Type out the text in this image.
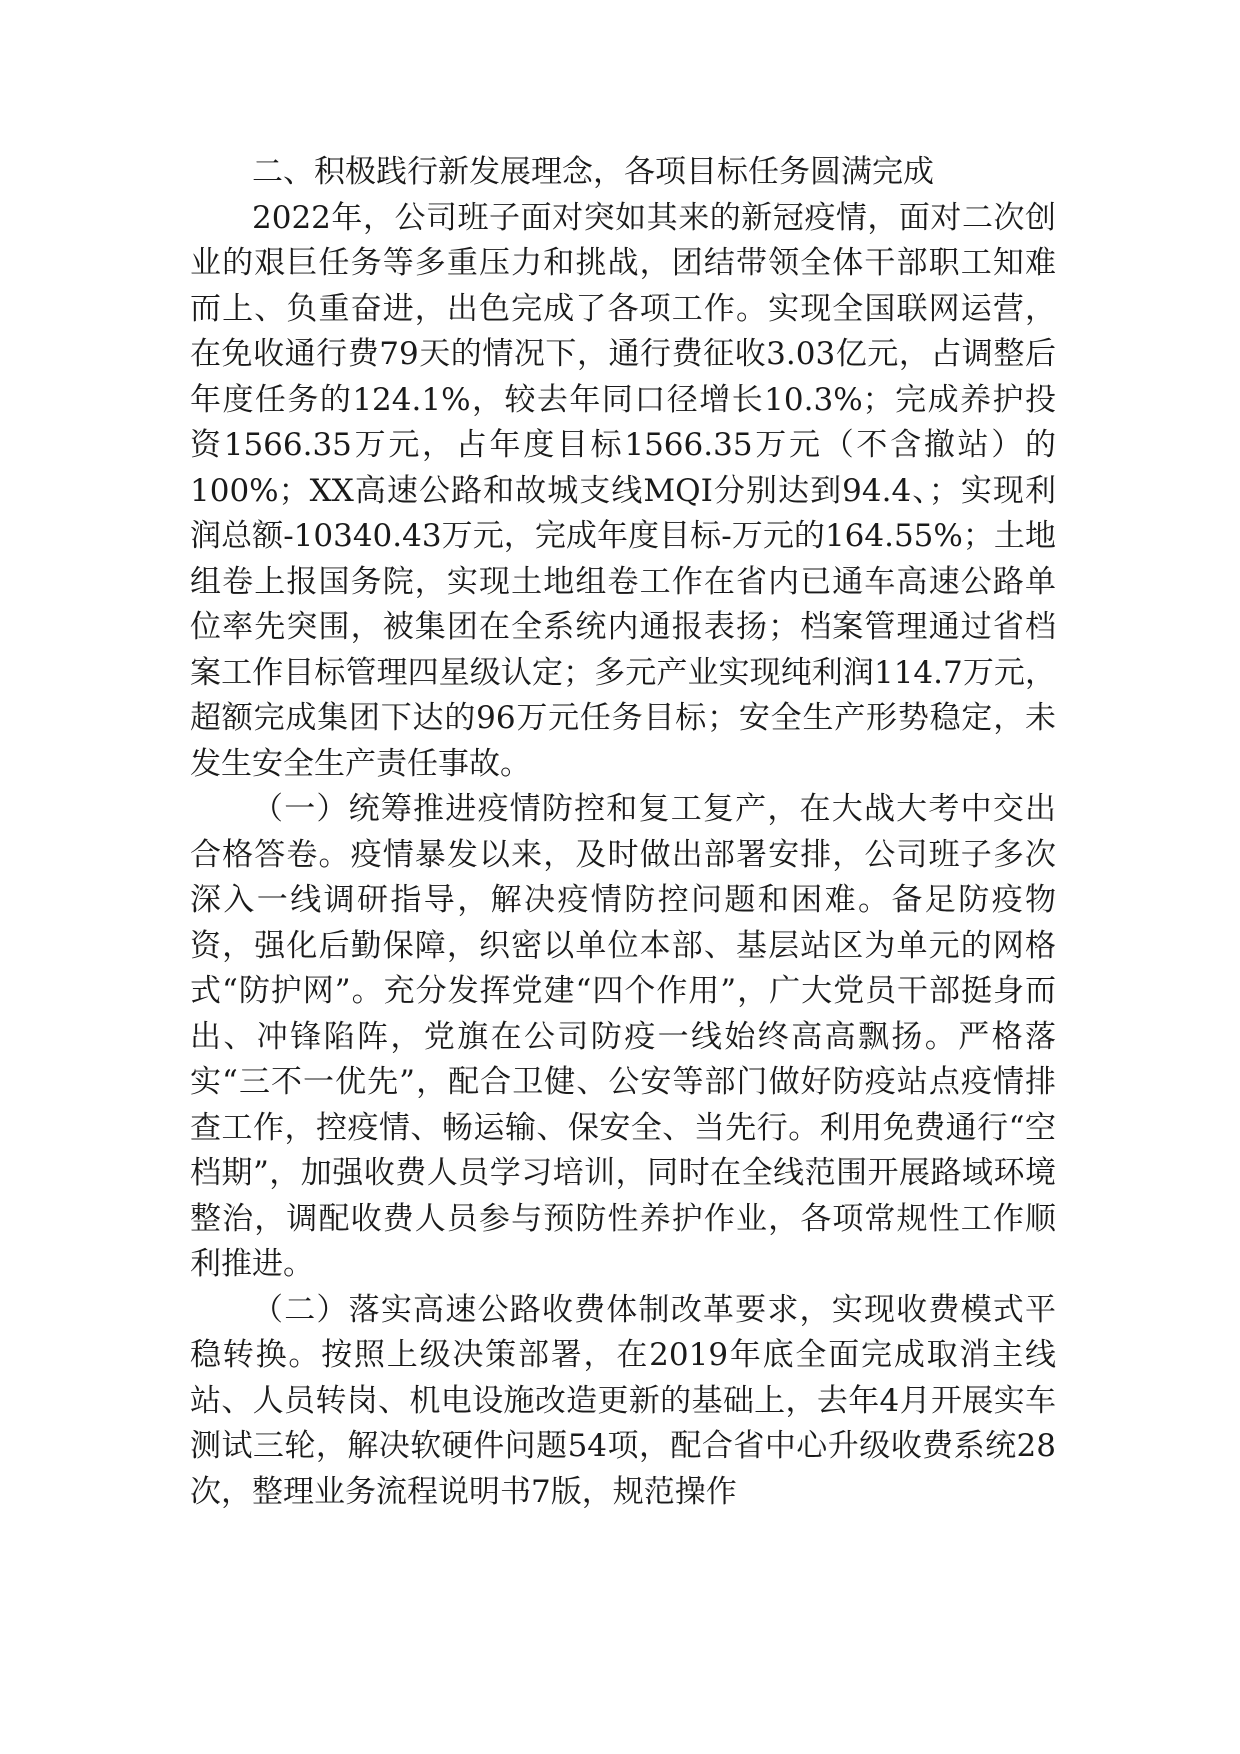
二、积极践行新发展理念，各项目标任务圆满完成

2022年，公司班子面对突如其来的新冠疫情，面对二次创业的艰巨任务等多重压力和挑战，团结带领全体干部职工知难而上、负重奋进，出色完成了各项工作。实现全国联网运营，在免收通行费79天的情况下，通行费征收3.03亿元，占调整后年度任务的124.1%，较去年同口径增长10.3%；完成养护投资1566.35万元，占年度目标1566.35万元（不含撤站）的100%；XX高速公路和故城支线MQI分别达到94.4、；实现利润总额-10340.43万元，完成年度目标-万元的164.55%；土地组卷上报国务院，实现土地组卷工作在省内已通车高速公路单位率先突围，被集团在全系统内通报表扬；档案管理通过省档案工作目标管理四星级认定；多元产业实现纯利润114.7万元，超额完成集团下达的96万元任务目标；安全生产形势稳定，未发生安全生产责任事故。

（一）统筹推进疫情防控和复工复产，在大战大考中交出合格答卷。疫情暴发以来，及时做出部署安排，公司班子多次深入一线调研指导，解决疫情防控问题和困难。备足防疫物资，强化后勤保障，织密以单位本部、基层站区为单元的网格式“防护网”。充分发挥党建“四个作用”，广大党员干部挺身而出、冲锋陷阵，党旗在公司防疫一线始终高高飘扬。严格落实“三不一优先”，配合卫健、公安等部门做好防疫站点疫情排查工作，控疫情、畅运输、保安全、当先行。利用免费通行“空档期”，加强收费人员学习培训，同时在全线范围开展路域环境整治，调配收费人员参与预防性养护作业，各项常规性工作顺利推进。

（二）落实高速公路收费体制改革要求，实现收费模式平稳转换。按照上级决策部署，在2019年底全面完成取消主线站、人员转岗、机电设施改造更新的基础上，去年4月开展实车测试三轮，解决软硬件问题54项，配合省中心升级收费系统28次，整理业务流程说明书7版，规范操作
